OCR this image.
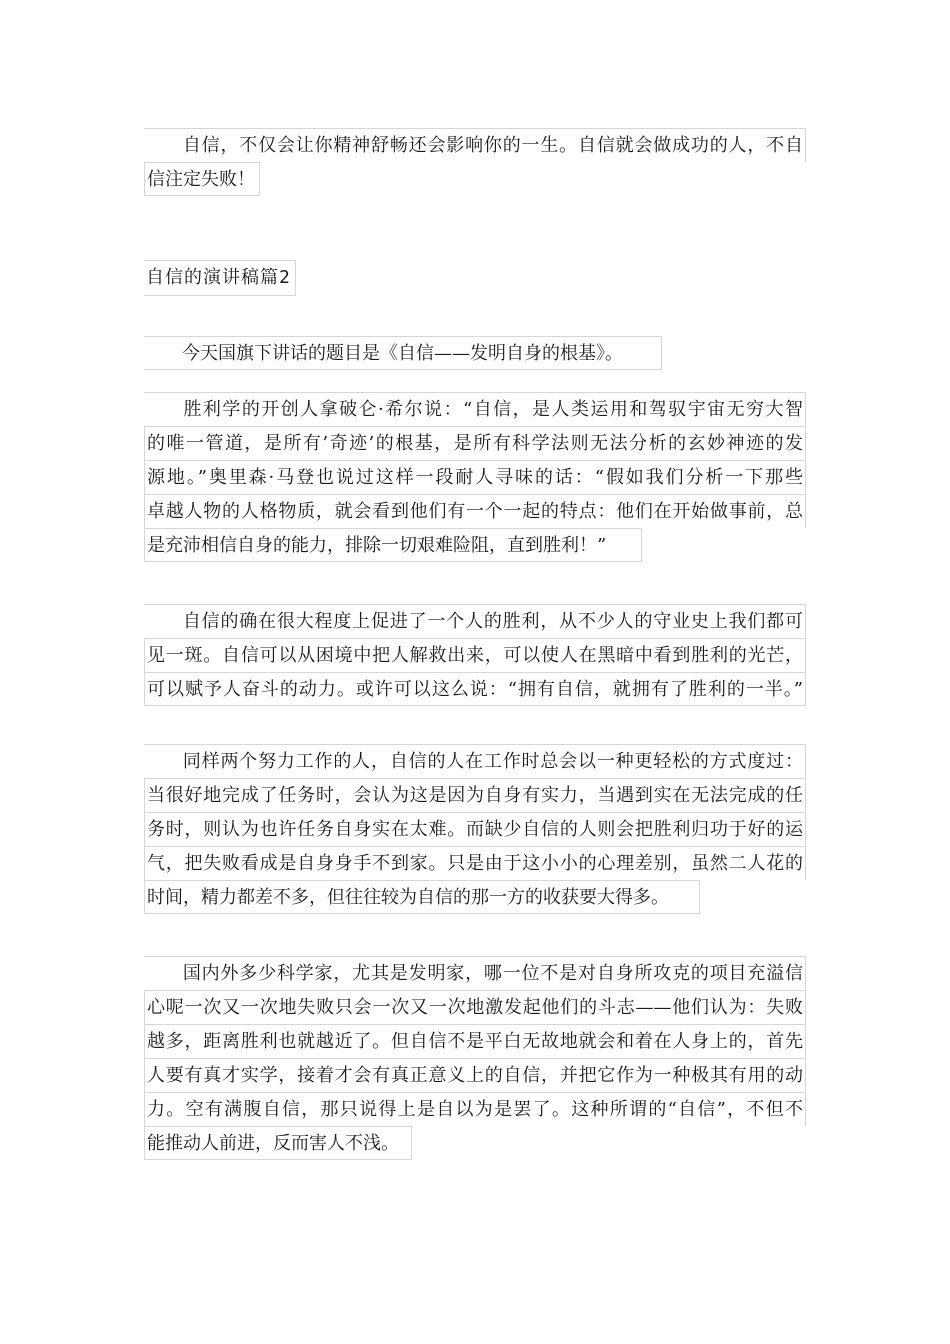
自信，不仅会让你精神舒畅还会影响你的一生。自信就会做成功的人，不自
信注定失败！
自信的演讲稿篇2
今天国旗下讲话的题目是《自信——发明自身的根基》。
胜利学的开创人拿破仑·希尔说：“自信，是人类运用和驾驭宇宙无穷大智
的唯一管道，是所有’奇迹’的根基，是所有科学法则无法分析的玄妙神迹的发
源地。”奥里森·马登也说过这样一段耐人寻味的话：“假如我们分析一下那些
卓越人物的人格物质，就会看到他们有一个一起的特点：他们在开始做事前，总
是充沛相信自身的能力，排除一切艰难险阻，直到胜利！”
自信的确在很大程度上促进了一个人的胜利，从不少人的守业史上我们都可
见一斑。自信可以从困境中把人解救出来，可以使人在黑暗中看到胜利的光芒，
可以赋予人奋斗的动力。或许可以这么说：“拥有自信，就拥有了胜利的一半。”
同样两个努力工作的人，自信的人在工作时总会以一种更轻松的方式度过：
当很好地完成了任务时，会认为这是因为自身有实力，当遇到实在无法完成的任
务时，则认为也许任务自身实在太难。而缺少自信的人则会把胜利归功于好的运
气，把失败看成是自身身手不到家。只是由于这小小的心理差别，虽然二人花的
时间，精力都差不多，但往往较为自信的那一方的收获要大得多。
国内外多少科学家，尤其是发明家，哪一位不是对自身所攻克的项目充溢信
心呢一次又一次地失败只会一次又一次地激发起他们的斗志——他们认为：失败
越多，距离胜利也就越近了。但自信不是平白无故地就会和着在人身上的，首先
人要有真才实学，接着才会有真正意义上的自信，并把它作为一种极其有用的动
力。空有满腹自信，那只说得上是自以为是罢了。这种所谓的“自信”，不但不
能推动人前进，反而害人不浅。
